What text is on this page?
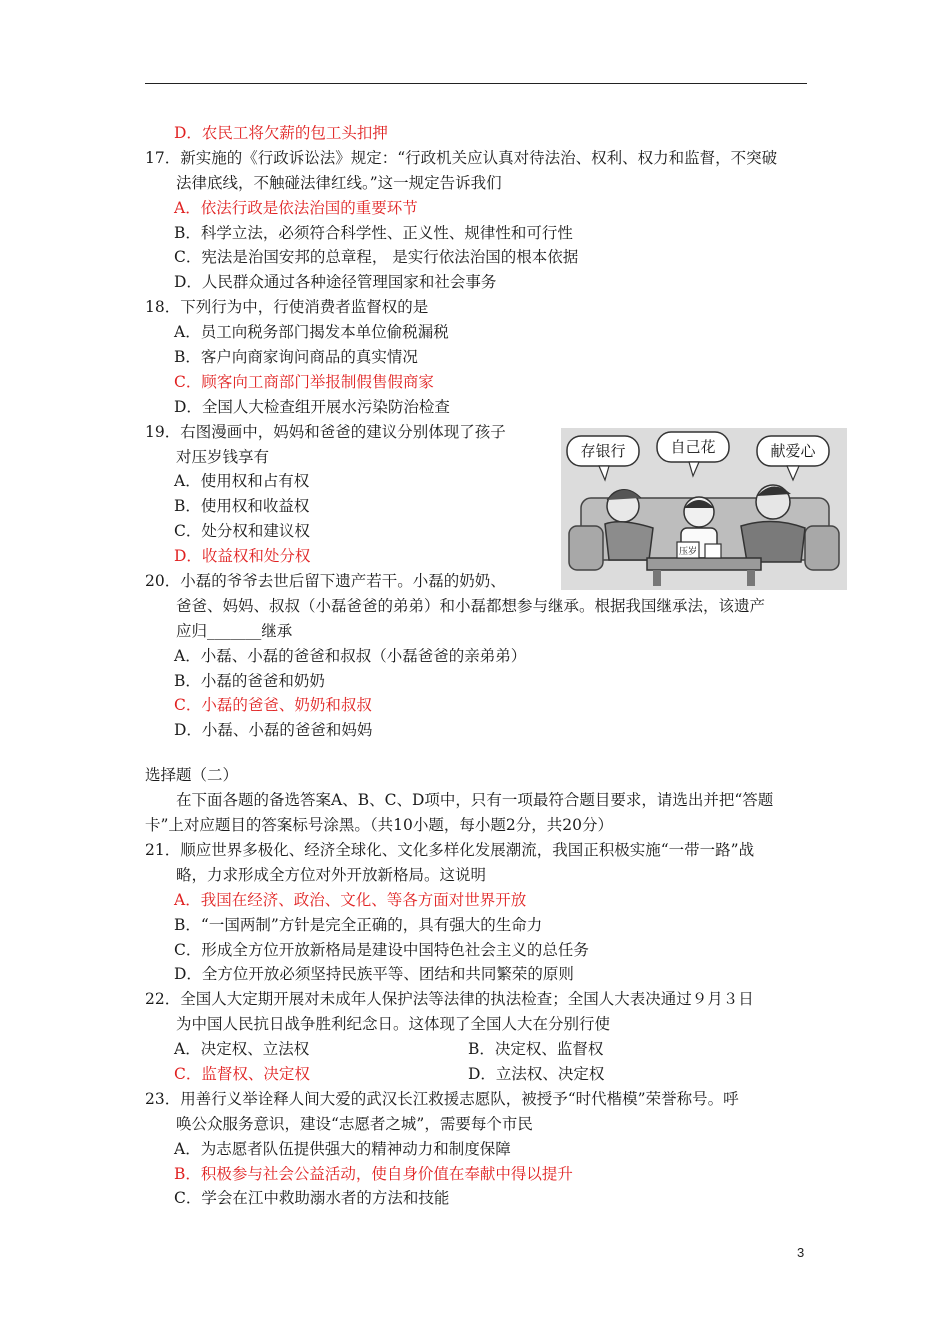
D．农民工将欠薪的包工头扣押
17．新实施的《行政诉讼法》规定：“行政机关应认真对待法治、权利、权力和监督，不突破
法律底线，不触碰法律红线。”这一规定告诉我们
A．依法行政是依法治国的重要环节
B．科学立法，必须符合科学性、正义性、规律性和可行性
C．宪法是治国安邦的总章程， 是实行依法治国的根本依据
D．人民群众通过各种途径管理国家和社会事务
18．下列行为中，行使消费者监督权的是
A．员工向税务部门揭发本单位偷税漏税
B．客户向商家询问商品的真实情况
C．顾客向工商部门举报制假售假商家
D．全国人大检查组开展水污染防治检查
19．右图漫画中，妈妈和爸爸的建议分别体现了孩子
对压岁钱享有
A．使用权和占有权
B．使用权和收益权
C．处分权和建议权
D．收益权和处分权
20．小磊的爷爷去世后留下遗产若干。小磊的奶奶、
爸爸、妈妈、叔叔（小磊爸爸的弟弟）和小磊都想参与继承。根据我国继承法，该遗产
应归_______继承
A．小磊、小磊的爸爸和叔叔（小磊爸爸的亲弟弟）
B．小磊的爸爸和奶奶
C．小磊的爸爸、奶奶和叔叔
D．小磊、小磊的爸爸和妈妈
选择题（二）
在下面各题的备选答案A、B、C、D项中，只有一项最符合题目要求，请选出并把“答题
卡”上对应题目的答案标号涂黑。（共10小题，每小题2分，共20分）
21．顺应世界多极化、经济全球化、文化多样化发展潮流，我国正积极实施“一带一路”战
略，力求形成全方位对外开放新格局。这说明
A．我国在经济、政治、文化、等各方面对世界开放
B．“一国两制”方针是完全正确的，具有强大的生命力
C．形成全方位开放新格局是建设中国特色社会主义的总任务
D．全方位开放必须坚持民族平等、团结和共同繁荣的原则
22．全国人大定期开展对未成年人保护法等法律的执法检查；全国人大表决通过９月３日
为中国人民抗日战争胜利纪念日。这体现了全国人大在分别行使
A．决定权、立法权	B．决定权、监督权
C．监督权、决定权	D．立法权、决定权
23．用善行义举诠释人间大爱的武汉长江救援志愿队，被授予“时代楷模”荣誉称号。呼
唤公众服务意识，建设“志愿者之城”，需要每个市民
A．为志愿者队伍提供强大的精神动力和制度保障
B．积极参与社会公益活动，使自身价值在奉献中得以提升
C．学会在江中救助溺水者的方法和技能
存银行	自己花	献爱心
压岁
3
